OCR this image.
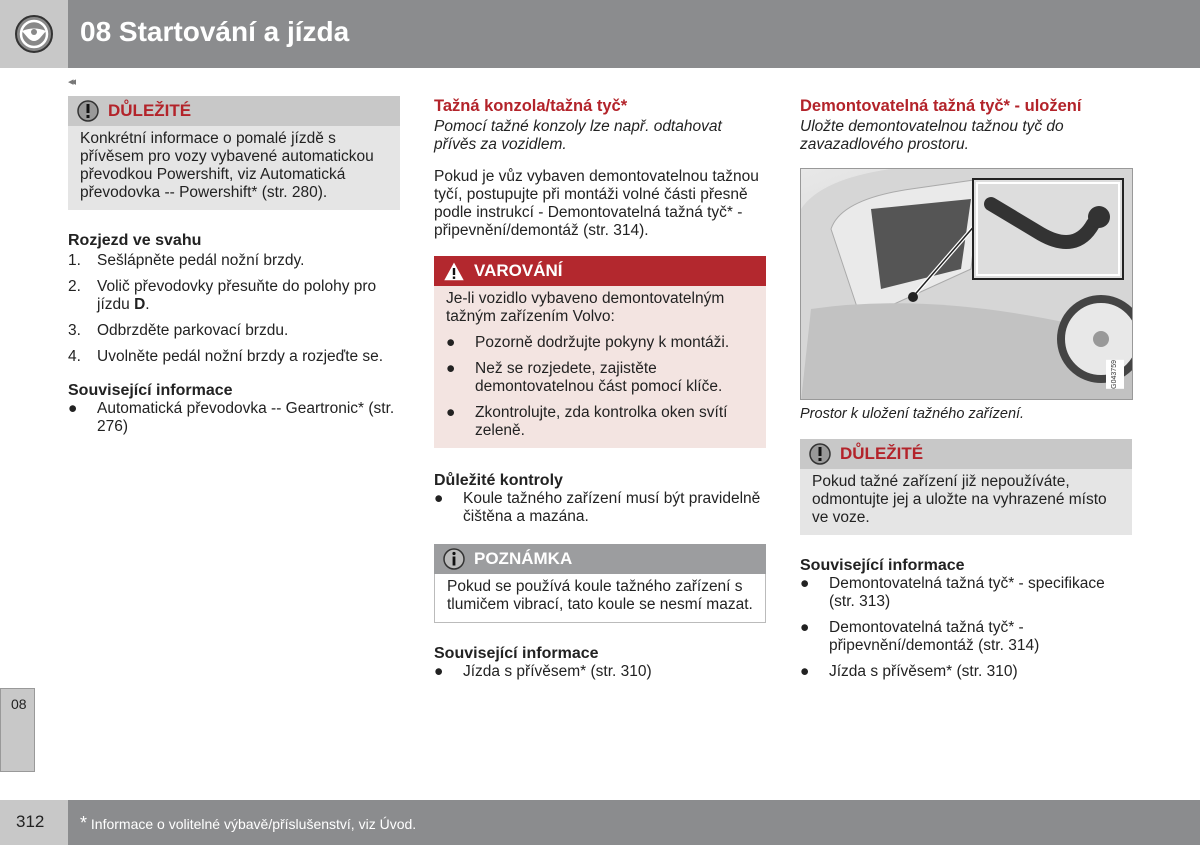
08 Startování a jízda
◂◂
DŮLEŽITÉ

Konkrétní informace o pomalé jízdě s přívěsem pro vozy vybavené automatickou převodkou Powershift, viz Automatická převodovka -- Powershift* (str. 280).

Rozjezd ve svahu
1.	Sešlápněte pedál nožní brzdy.
2.	Volič převodovky přesuňte do polohy pro jízdu D.
3.	Odbrzděte parkovací brzdu.
4.	Uvolněte pedál nožní brzdy a rozjeďte se.
Související informace
●	Automatická převodovka -- Geartronic* (str. 276)
Tažná konzola/tažná tyč*

Pomocí tažné konzoly lze např. odtahovat přívěs za vozidlem.

Pokud je vůz vybaven demontovatelnou tažnou tyčí, postupujte při montáži volné části přesně podle instrukcí - Demontovatelná tažná tyč* - připevnění/demontáž (str. 314).

VAROVÁNÍ

Je-li vozidlo vybaveno demontovatelným tažným zařízením Volvo:

●	Pozorně dodržujte pokyny k montáži.
●	Než se rozjedete, zajistěte demontovatelnou část pomocí klíče.
●	Zkontrolujte, zda kontrolka oken svítí zeleně.
Důležité kontroly
●	Koule tažného zařízení musí být pravidelně čištěna a mazána.
POZNÁMKA

Pokud se používá koule tažného zařízení s tlumičem vibrací, tato koule se nesmí mazat.

Související informace
●	Jízda s přívěsem* (str. 310)
Demontovatelná tažná tyč* - uložení

Uložte demontovatelnou tažnou tyč do zavazadlového prostoru.

G043759

Prostor k uložení tažného zařízení.

DŮLEŽITÉ

Pokud tažné zařízení již nepoužíváte, odmontujte jej a uložte na vyhrazené místo ve voze.

Související informace
●	Demontovatelná tažná tyč* - specifikace (str. 313)
●	Demontovatelná tažná tyč* - připevnění/demontáž (str. 314)
●	Jízda s přívěsem* (str. 310)
08
312	* Informace o volitelné výbavě/příslušenství, viz Úvod.
